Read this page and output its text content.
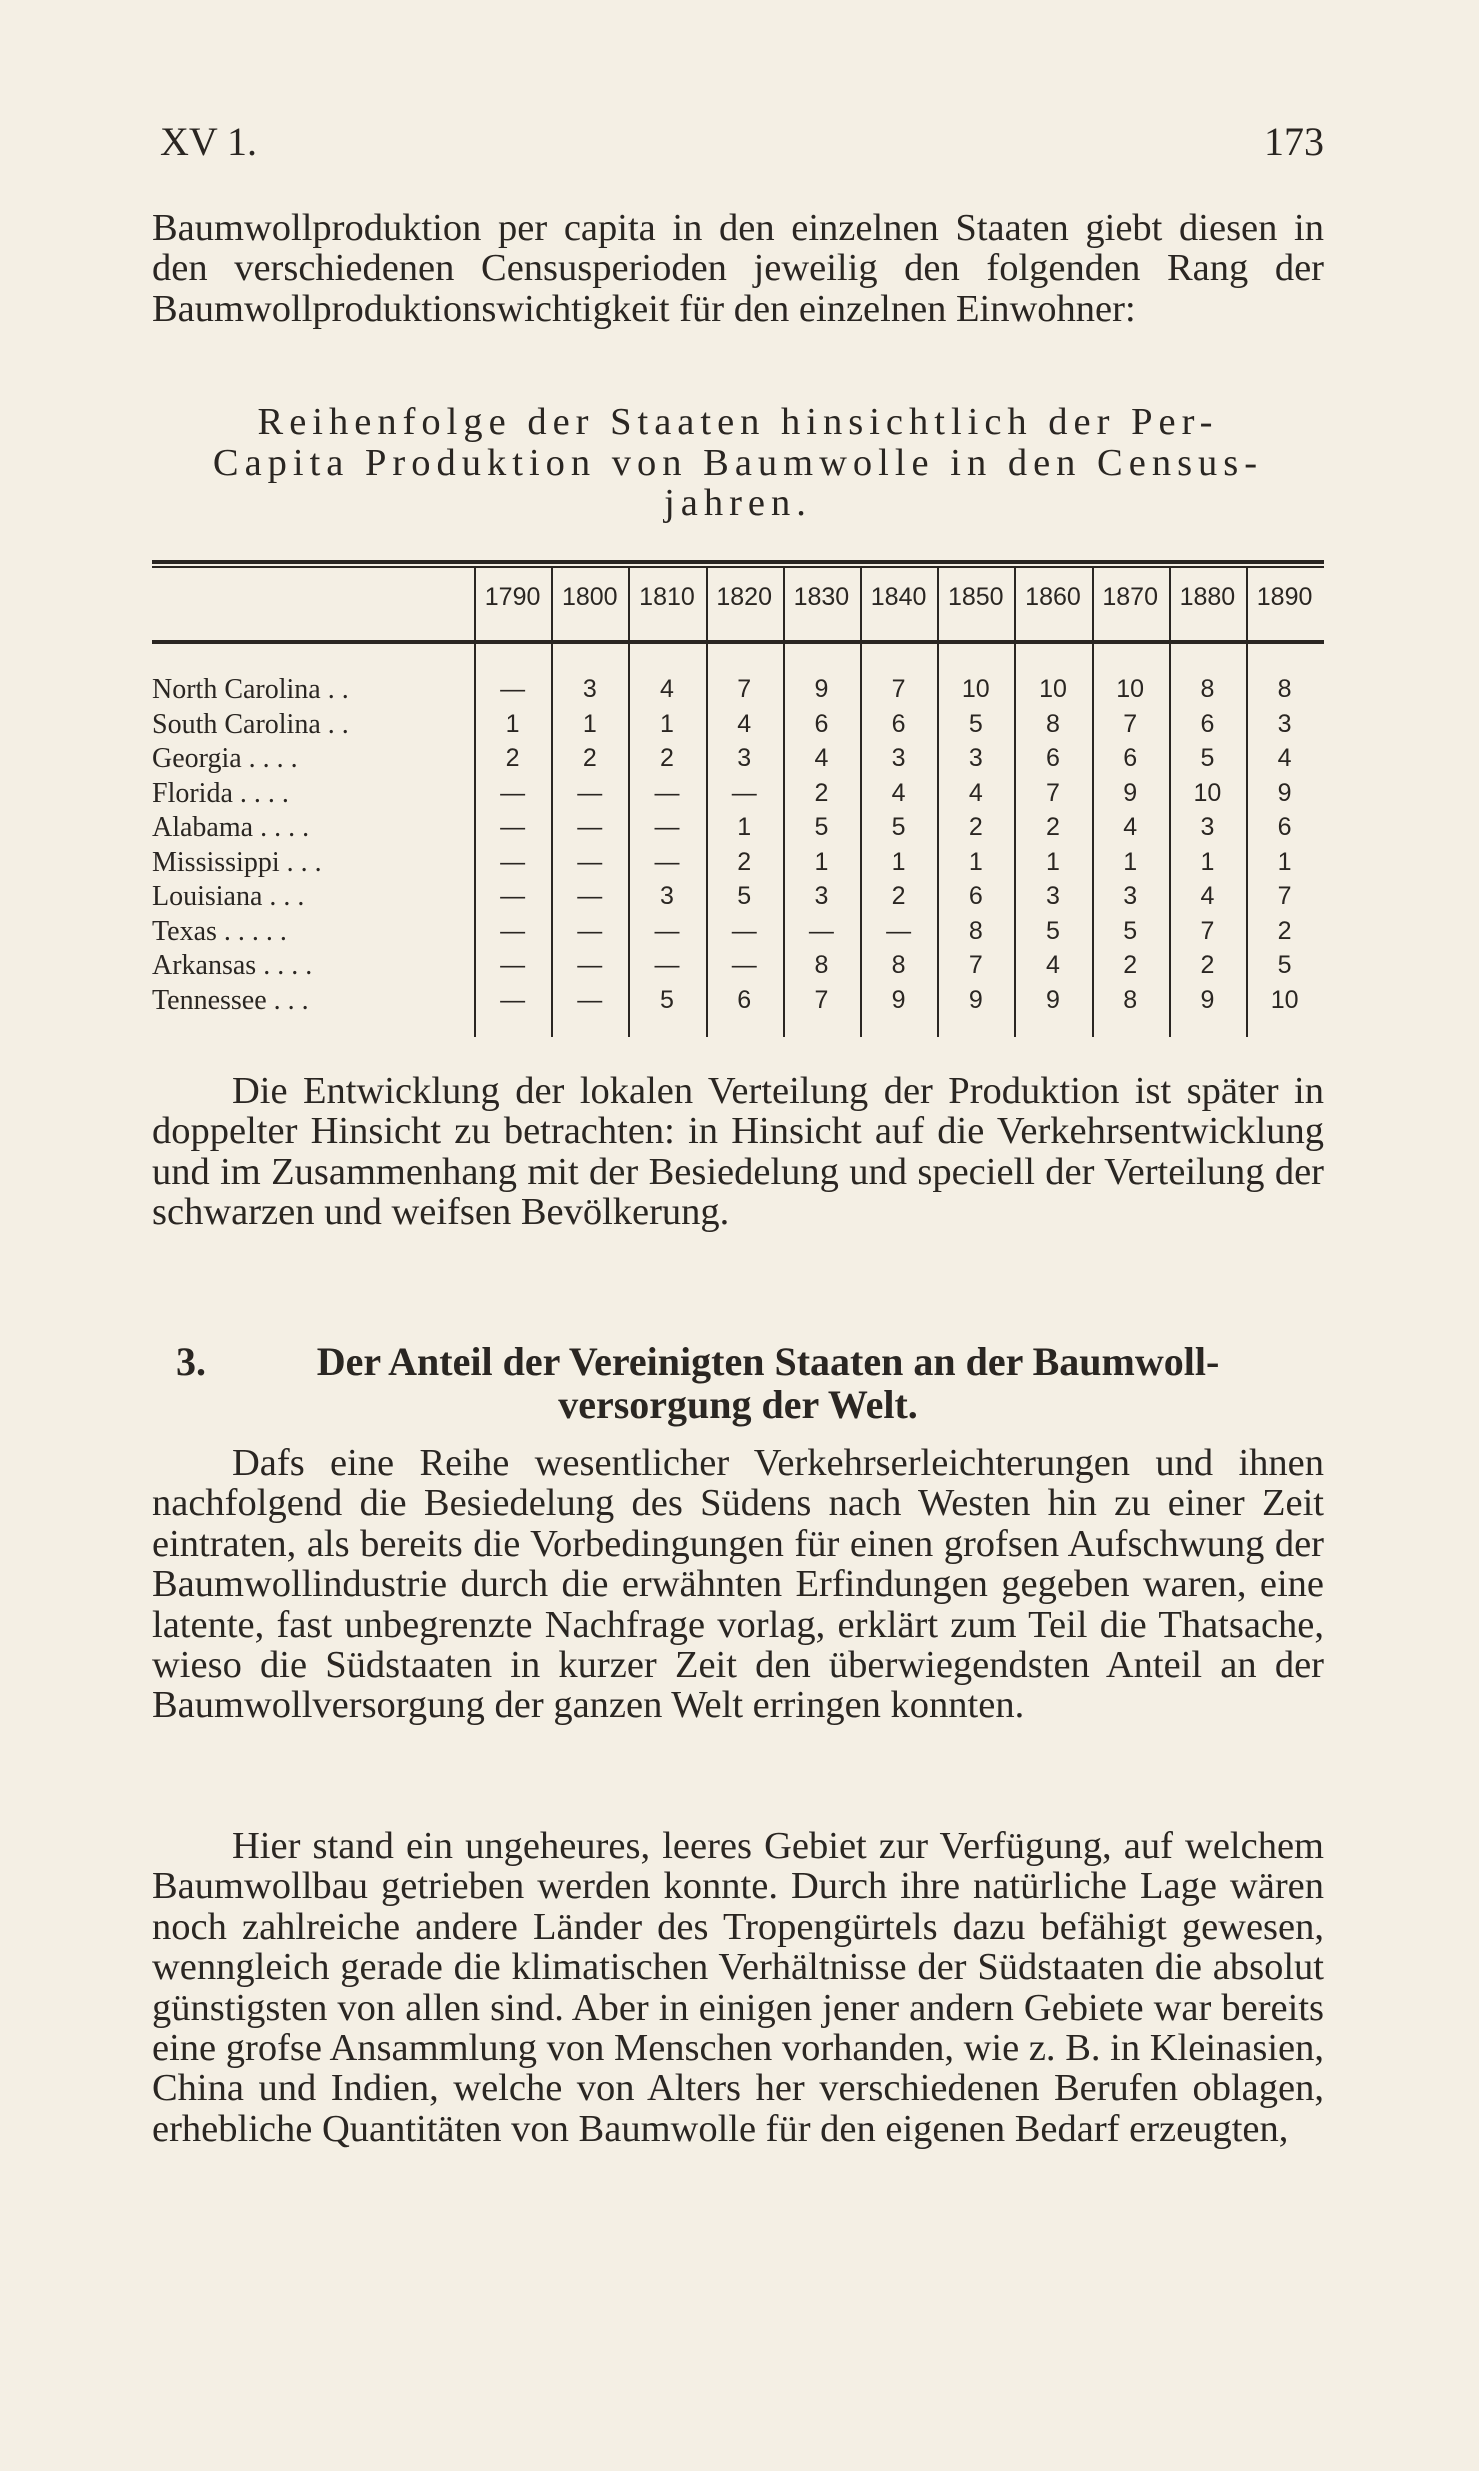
XV 1.	173

Baumwollproduktion per capita in den einzelnen Staaten giebt diesen in den verschiedenen Censusperioden jeweilig den folgenden Rang der Baumwollproduktionswichtigkeit für den einzelnen Einwohner:

Reihenfolge der Staaten hinsichtlich der Per-
Capita Produktion von Baumwolle in den Census-
jahren.
1790 1800 1810 1820 1830 1840 1850 1860 1870 1880 1890
North Carolina . .	—	3	4	7	9	7	10	10	10	8	8
South Carolina . .	1	1	1	4	6	6	5	8	7	6	3
Georgia . . . .	2	2	2	3	4	3	3	6	6	5	4
Florida . . . .	—	—	—	—	2	4	4	7	9	10	9
Alabama . . . .	—	—	—	1	5	5	2	2	4	3	6
Mississippi . . .	—	—	—	2	1	1	1	1	1	1	1
Louisiana . . .	—	—	3	5	3	2	6	3	3	4	7
Texas . . . . .	—	—	—	—	—	—	8	5	5	7	2
Arkansas . . . .	—	—	—	—	8	8	7	4	2	2	5
Tennessee . . .	—	—	5	6	7	9	9	9	8	9	10

Die Entwicklung der lokalen Verteilung der Produktion ist später in doppelter Hinsicht zu betrachten: in Hinsicht auf die Verkehrsentwicklung und im Zusammenhang mit der Besiedelung und speciell der Verteilung der schwarzen und weifsen Bevölkerung.

3.	Der Anteil der Vereinigten Staaten an der Baumwoll-
versorgung der Welt.

Dafs eine Reihe wesentlicher Verkehrserleichterungen und ihnen nachfolgend die Besiedelung des Südens nach Westen hin zu einer Zeit eintraten, als bereits die Vorbedingungen für einen grofsen Aufschwung der Baumwollindustrie durch die erwähnten Erfindungen gegeben waren, eine latente, fast unbegrenzte Nachfrage vorlag, erklärt zum Teil die Thatsache, wieso die Südstaaten in kurzer Zeit den überwiegendsten Anteil an der Baumwollversorgung der ganzen Welt erringen konnten.

Hier stand ein ungeheures, leeres Gebiet zur Verfügung, auf welchem Baumwollbau getrieben werden konnte. Durch ihre natürliche Lage wären noch zahlreiche andere Länder des Tropengürtels dazu befähigt gewesen, wenngleich gerade die klimatischen Verhältnisse der Südstaaten die absolut günstigsten von allen sind. Aber in einigen jener andern Gebiete war bereits eine grofse Ansammlung von Menschen vorhanden, wie z. B. in Kleinasien, China und Indien, welche von Alters her verschiedenen Berufen oblagen, erhebliche Quantitäten von Baumwolle für den eigenen Bedarf erzeugten,
